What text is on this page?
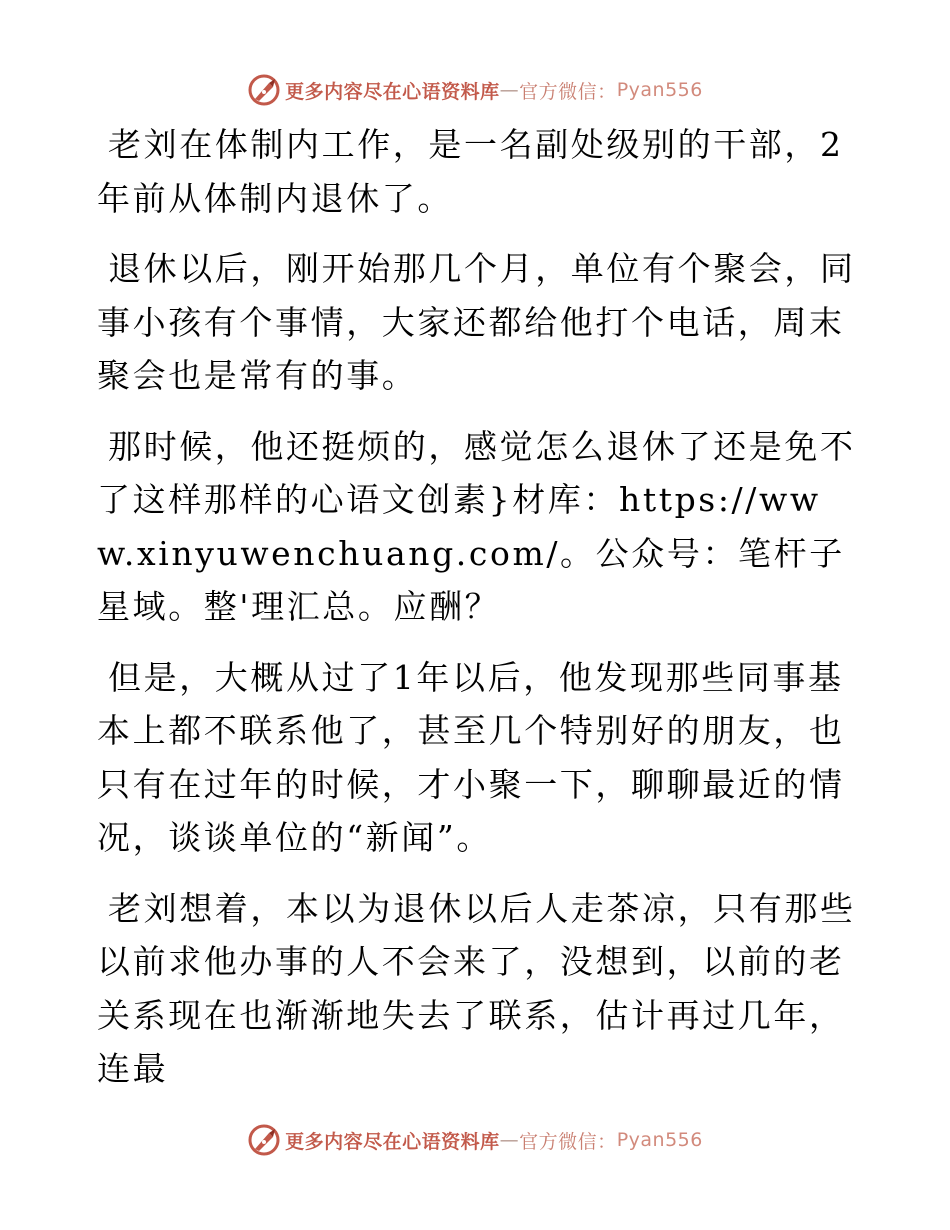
更多内容尽在心语资料库 — 官方微信： Pyan556

老刘在体制内工作，是一名副处级别的干部，2年前从体制内退休了。

退休以后，刚开始那几个月，单位有个聚会，同事小孩有个事情，大家还都给他打个电话，周末聚会也是常有的事。

那时候，他还挺烦的，感觉怎么退休了还是免不了这样那样的心语文创素}材库：https://www.xinyuwenchuang.com/。公众号：笔杆子星域。整'理汇总。应酬？

但是，大概从过了1年以后，他发现那些同事基本上都不联系他了，甚至几个特别好的朋友，也只有在过年的时候，才小聚一下，聊聊最近的情况，谈谈单位的“新闻”。

老刘想着，本以为退休以后人走茶凉，只有那些以前求他办事的人不会来了，没想到，以前的老关系现在也渐渐地失去了联系，估计再过几年，连最

更多内容尽在心语资料库 — 官方微信： Pyan556
